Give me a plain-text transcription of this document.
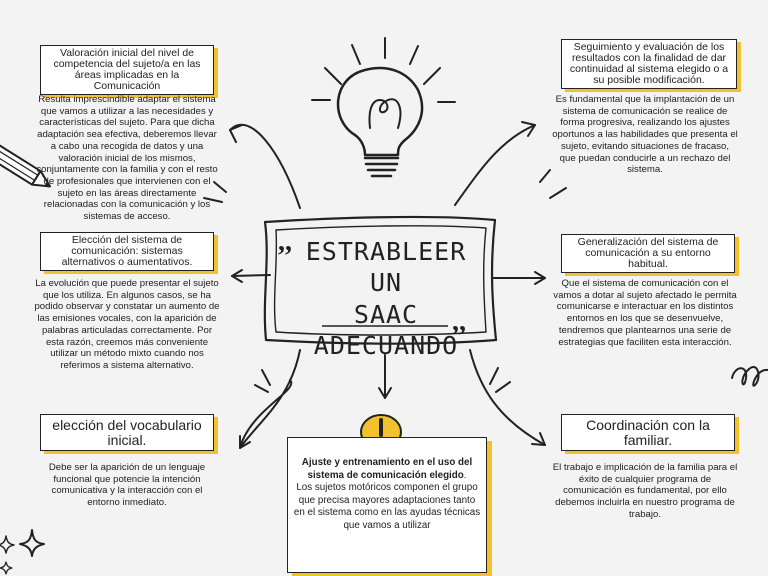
,,
,,
ESTRABLEER UN
SAAC
ADECUANDO
Valoración inicial del nivel de competencia del sujeto/a en las áreas implicadas en la Comunicación
Resulta imprescindible adaptar el sistema que vamos a utilizar a las necesidades y características del sujeto. Para que dicha adaptación sea efectiva, deberemos llevar a cabo una recogida de datos y una valoración inicial de los mismos, conjuntamente con la familia y con el resto de profesionales que intervienen con el sujeto en las áreas directamente relacionadas con la comunicación y los sistemas de acceso.
Seguimiento y evaluación de los resultados con la finalidad de dar continuidad al sistema elegido o a su posible modificación.
Es fundamental que la implantación de un sistema de comunicación se realice de forma progresiva, realizando los ajustes oportunos a las habilidades que presenta el sujeto, evitando situaciones de fracaso, que puedan conducirle a un rechazo del sistema.
Elección del sistema de comunicación: sistemas alternativos o aumentativos.
La evolución que puede presentar el sujeto que los utiliza. En algunos casos, se ha podido observar y constatar un aumento de las emisiones vocales, con la aparición de palabras articuladas correctamente. Por esta razón, creemos más conveniente utilizar un método mixto cuando nos referimos a sistema alternativo.
Generalización del sistema de comunicación a su entorno habitual.
Que el sistema de comunicación con el vamos a dotar al sujeto afectado le permita comunicarse e interactuar en los distintos entornos en los que se desenvuelve, tendremos que plantearnos una serie de estrategias que faciliten esta interacción.
elección del vocabulario inicial.
Debe ser la aparición de un lenguaje funcional que potencie la intención comunicativa y la interacción con el entorno inmediato.
Coordinación con la familiar.
El trabajo e implicación de la familia para el éxito de cualquier programa de comunicación es fundamental, por ello debemos incluirla en nuestro programa de trabajo.

Ajuste y entrenamiento en el uso del sistema de comunicación elegido.

Los sujetos motóricos componen el grupo que precisa mayores adaptaciones tanto en el sistema como en las ayudas técnicas que vamos a utilizar
